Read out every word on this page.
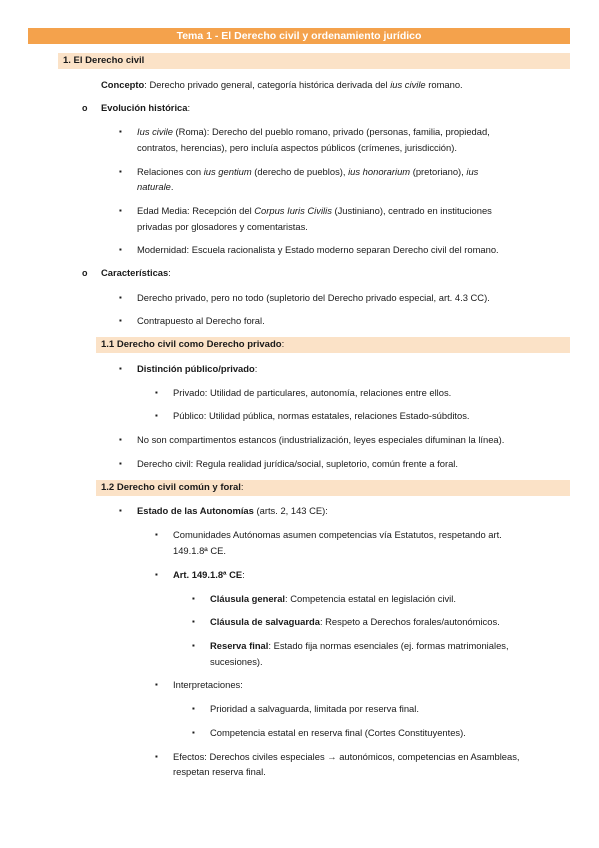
Tema 1 - El Derecho civil y ordenamiento jurídico
1. El Derecho civil
Concepto: Derecho privado general, categoría histórica derivada del ius civile romano.
o Evolución histórica:
▪ Ius civile (Roma): Derecho del pueblo romano, privado (personas, familia, propiedad,
contratos, herencias), pero incluía aspectos públicos (crímenes, jurisdicción).
▪ Relaciones con ius gentium (derecho de pueblos), ius honorarium (pretoriano), ius
naturale.
▪ Edad Media: Recepción del Corpus Iuris Civilis (Justiniano), centrado en instituciones
privadas por glosadores y comentaristas.
▪ Modernidad: Escuela racionalista y Estado moderno separan Derecho civil del romano.
o Características:
▪ Derecho privado, pero no todo (supletorio del Derecho privado especial, art. 4.3 CC).
▪ Contrapuesto al Derecho foral.
1.1 Derecho civil como Derecho privado:
▪ Distinción público/privado:
▪ Privado: Utilidad de particulares, autonomía, relaciones entre ellos.
▪ Público: Utilidad pública, normas estatales, relaciones Estado-súbditos.
▪ No son compartimentos estancos (industrialización, leyes especiales difuminan la línea).
▪ Derecho civil: Regula realidad jurídica/social, supletorio, común frente a foral.
1.2 Derecho civil común y foral:
▪ Estado de las Autonomías (arts. 2, 143 CE):
▪ Comunidades Autónomas asumen competencias vía Estatutos, respetando art.
149.1.8ª CE.
▪ Art. 149.1.8ª CE:
▪ Cláusula general: Competencia estatal en legislación civil.
▪ Cláusula de salvaguarda: Respeto a Derechos forales/autonómicos.
▪ Reserva final: Estado fija normas esenciales (ej. formas matrimoniales,
sucesiones).
▪ Interpretaciones:
▪ Prioridad a salvaguarda, limitada por reserva final.
▪ Competencia estatal en reserva final (Cortes Constituyentes).
▪ Efectos: Derechos civiles especiales → autonómicos, competencias en Asambleas,
respetan reserva final.
